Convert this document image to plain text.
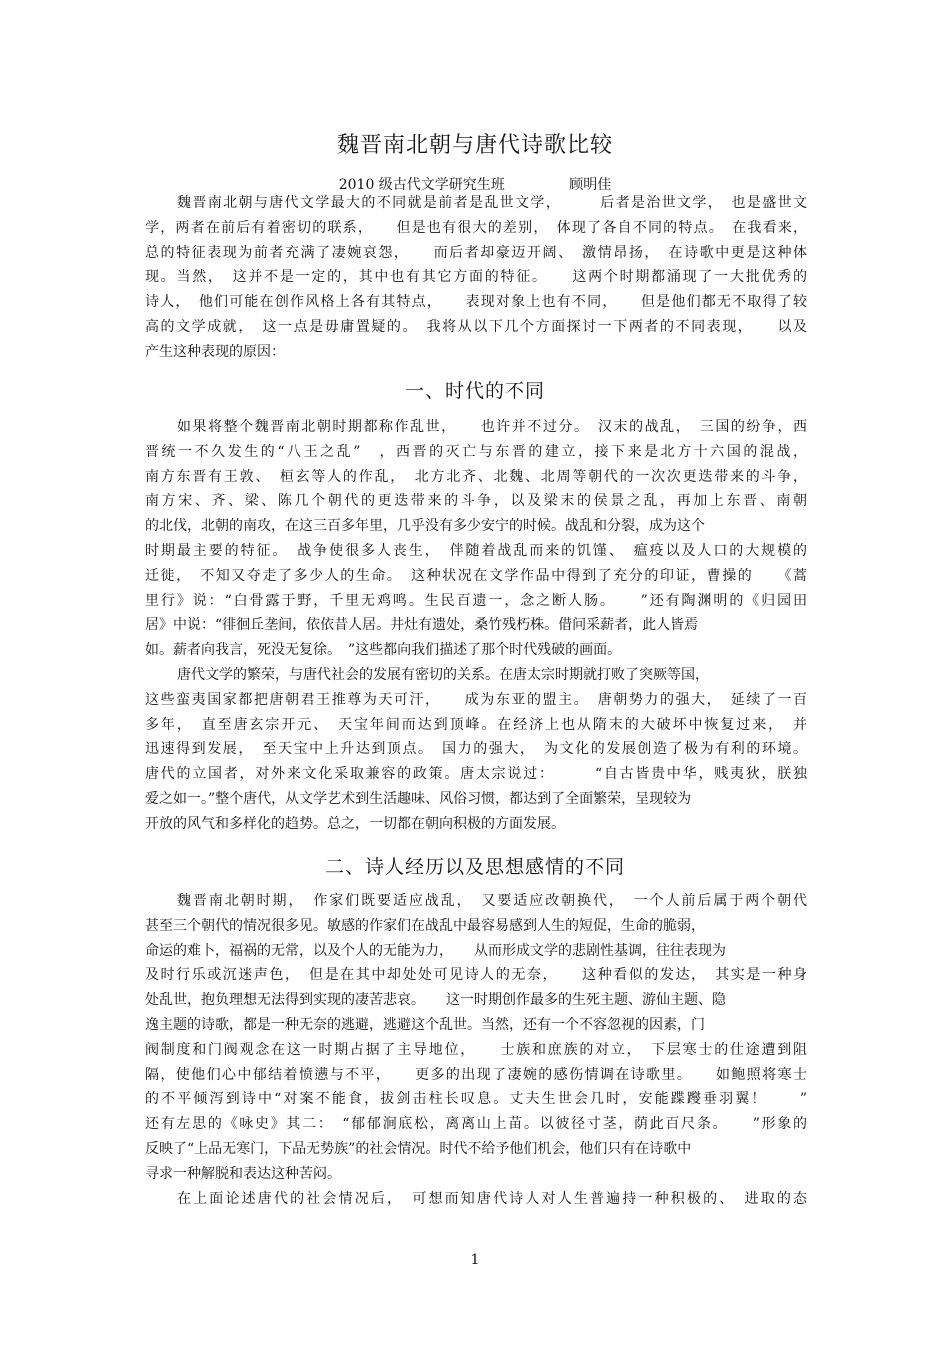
魏晋南北朝与唐代诗歌比较
2010 级古代文学研究生班	顾明佳
魏晋南北朝与唐代文学最大的不同就是前者是乱世文学，　　　后者是治世文学，　也是盛世文
学，两者在前后有着密切的联系，　　但是也有很大的差别，　体现了各自不同的特点。　在我看来，
总的特征表现为前者充满了凄婉哀怨，　　而后者却豪迈开阔、　激情昂扬，　在诗歌中更是这种体
现。当然，　这并不是一定的，其中也有其它方面的特征。　　这两个时期都涌现了一大批优秀的
诗人，　他们可能在创作风格上各有其特点，　　表现对象上也有不同，　　但是他们都无不取得了较
高的文学成就，　这一点是毋庸置疑的。　我将从以下几个方面探讨一下两者的不同表现，　　以及
产生这种表现的原因：
一、时代的不同
如果将整个魏晋南北朝时期都称作乱世，　　也许并不过分。　汉末的战乱，　三国的纷争，西
晋统一不久发生的“八王之乱”　，西晋的灭亡与东晋的建立，接下来是北方十六国的混战，
南方东晋有王敦、　桓玄等人的作乱，　北方北齐、北魏、北周等朝代的一次次更迭带来的斗争，
南方宋、齐、梁、陈几个朝代的更迭带来的斗争，以及梁末的侯景之乱，再加上东晋、南朝
的北伐，北朝的南攻，在这三百多年里，几乎没有多少安宁的时候。战乱和分裂，成为这个
时期最主要的特征。　战争使很多人丧生，　伴随着战乱而来的饥馑、　瘟疫以及人口的大规模的
迁徙，　不知又夺走了多少人的生命。　这种状况在文学作品中得到了充分的印证，曹操的　　《蒿
里行》说：“白骨露于野，千里无鸡鸣。生民百遗一，念之断人肠。　　”还有陶渊明的《归园田
居》中说：“徘徊丘垄间，依依昔人居。井灶有遗处，桑竹残朽株。借问采薪者，此人皆焉
如。薪者向我言，死没无复徐。　”这些都向我们描述了那个时代残破的画面。
唐代文学的繁荣，与唐代社会的发展有密切的关系。在唐太宗时期就打败了突厥等国，
这些蛮夷国家都把唐朝君王推尊为天可汗，　　成为东亚的盟主。　唐朝势力的强大，　延续了一百
多年，　直至唐玄宗开元、　天宝年间而达到顶峰。在经济上也从隋末的大破坏中恢复过来，　并
迅速得到发展，　至天宝中上升达到顶点。　国力的强大，　为文化的发展创造了极为有利的环境。
唐代的立国者，对外来文化采取兼容的政策。唐太宗说过：　　　“自古皆贵中华，贱夷狄，朕独
爱之如一。”整个唐代，从文学艺术到生活趣味、风俗习惯，都达到了全面繁荣，呈现较为
开放的风气和多样化的趋势。总之，一切都在朝向积极的方面发展。
二、诗人经历以及思想感情的不同
魏晋南北朝时期，　作家们既要适应战乱，　又要适应改朝换代，　一个人前后属于两个朝代
甚至三个朝代的情况很多见。敏感的作家们在战乱中最容易感到人生的短促，生命的脆弱，
命运的难卜，福祸的无常，以及个人的无能为力，　　从而形成文学的悲剧性基调，往往表现为
及时行乐或沉迷声色，　但是在其中却处处可见诗人的无奈，　　这种看似的发达，　其实是一种身
处乱世，抱负理想无法得到实现的凄苦悲哀。　　这一时期创作最多的生死主题、游仙主题、隐
逸主题的诗歌，都是一种无奈的逃避，逃避这个乱世。当然，还有一个不容忽视的因素，门
阀制度和门阀观念在这一时期占据了主导地位，　　士族和庶族的对立，　下层寒士的仕途遭到阻
隔，使他们心中郁结着愤懑与不平，　　更多的出现了凄婉的感伤情调在诗歌里。　　如鲍照将寒士
的不平倾泻到诗中“对案不能食，拔剑击柱长叹息。丈夫生世会几时，安能蹀躞垂羽翼！　　”
还有左思的《咏史》其二：　“郁郁涧底松，离离山上苗。以彼径寸茎，荫此百尺条。　　”形象的
反映了“上品无寒门，下品无势族”的社会情况。时代不给予他们机会，他们只有在诗歌中
寻求一种解脱和表达这种苦闷。
在上面论述唐代的社会情况后，　可想而知唐代诗人对人生普遍持一种积极的、　进取的态
1
